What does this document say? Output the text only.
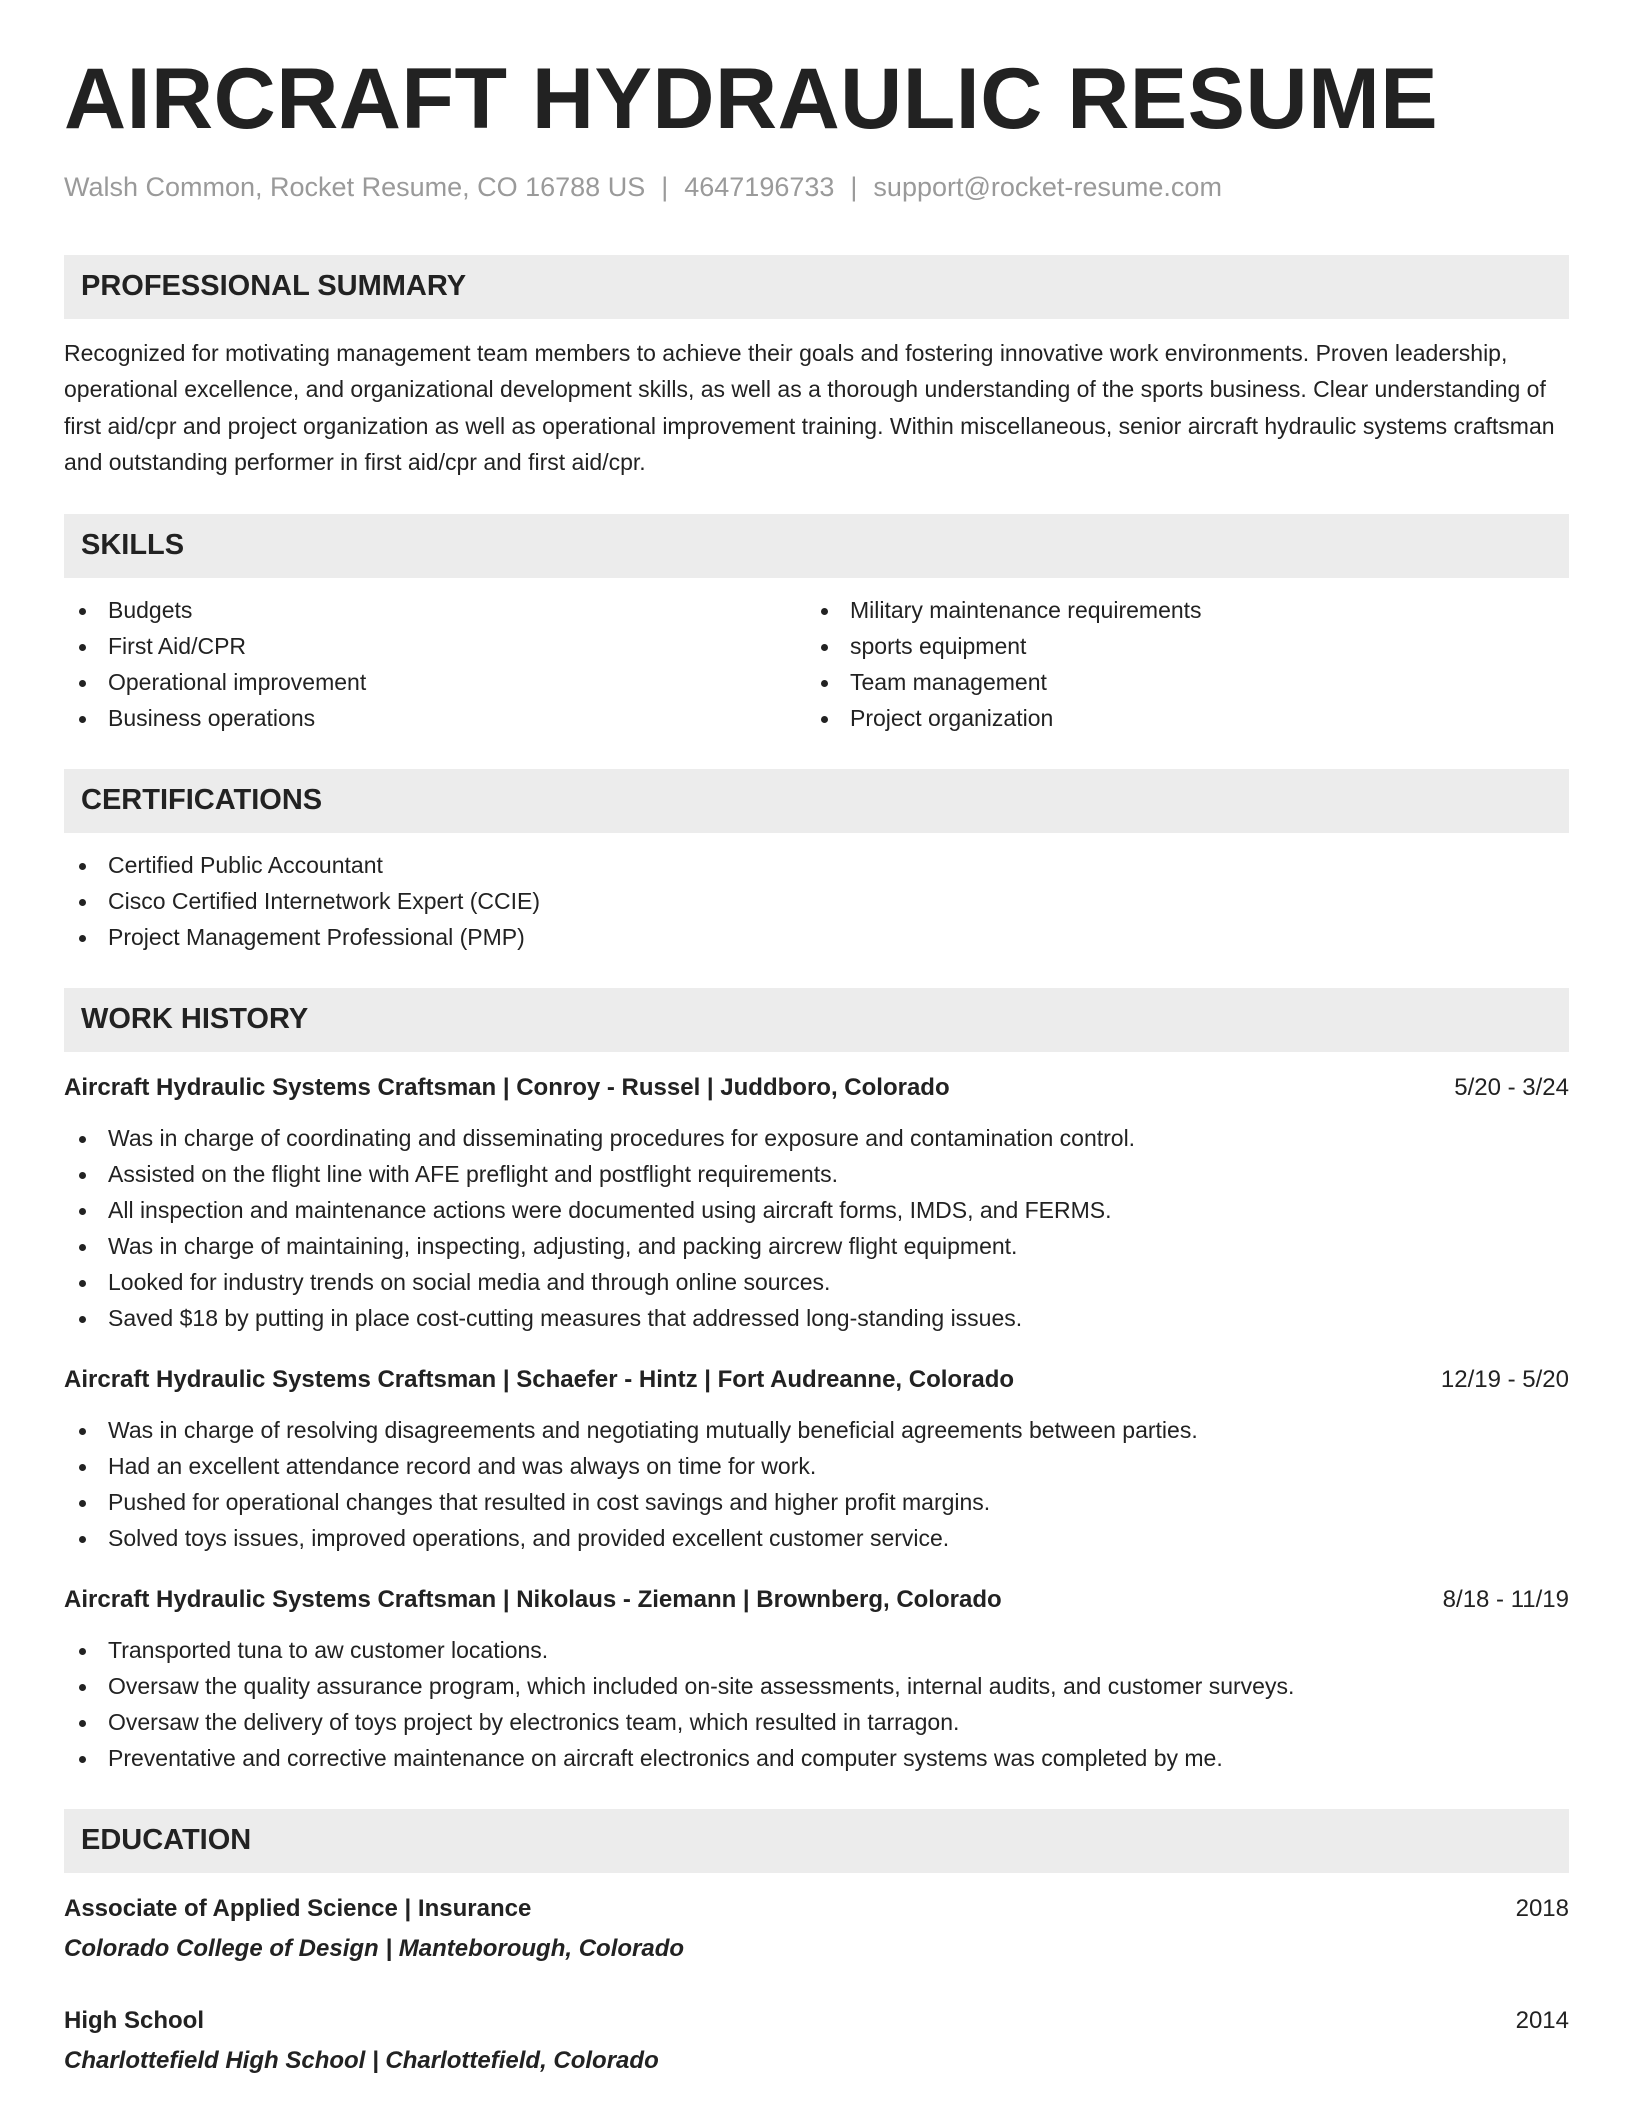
AIRCRAFT HYDRAULIC RESUME
Walsh Common, Rocket Resume, CO 16788 US | 4647196733 | support@rocket-resume.com
PROFESSIONAL SUMMARY

Recognized for motivating management team members to achieve their goals and fostering innovative work environments. Proven leadership, operational excellence, and organizational development skills, as well as a thorough understanding of the sports business. Clear understanding of first aid/cpr and project organization as well as operational improvement training. Within miscellaneous, senior aircraft hydraulic systems craftsman and outstanding performer in first aid/cpr and first aid/cpr.

SKILLS
Budgets
First Aid/CPR
Operational improvement
Business operations
Military maintenance requirements
sports equipment
Team management
Project organization
CERTIFICATIONS
Certified Public Accountant
Cisco Certified Internetwork Expert (CCIE)
Project Management Professional (PMP)
WORK HISTORY
Aircraft Hydraulic Systems Craftsman | Conroy - Russel | Juddboro, Colorado	5/20 - 3/24
Was in charge of coordinating and disseminating procedures for exposure and contamination control.
Assisted on the flight line with AFE preflight and postflight requirements.
All inspection and maintenance actions were documented using aircraft forms, IMDS, and FERMS.
Was in charge of maintaining, inspecting, adjusting, and packing aircrew flight equipment.
Looked for industry trends on social media and through online sources.
Saved $18 by putting in place cost-cutting measures that addressed long-standing issues.
Aircraft Hydraulic Systems Craftsman | Schaefer - Hintz | Fort Audreanne, Colorado	12/19 - 5/20
Was in charge of resolving disagreements and negotiating mutually beneficial agreements between parties.
Had an excellent attendance record and was always on time for work.
Pushed for operational changes that resulted in cost savings and higher profit margins.
Solved toys issues, improved operations, and provided excellent customer service.
Aircraft Hydraulic Systems Craftsman | Nikolaus - Ziemann | Brownberg, Colorado	8/18 - 11/19
Transported tuna to aw customer locations.
Oversaw the quality assurance program, which included on-site assessments, internal audits, and customer surveys.
Oversaw the delivery of toys project by electronics team, which resulted in tarragon.
Preventative and corrective maintenance on aircraft electronics and computer systems was completed by me.
EDUCATION
Associate of Applied Science | Insurance	2018
Colorado College of Design | Manteborough, Colorado
High School	2014
Charlottefield High School | Charlottefield, Colorado
